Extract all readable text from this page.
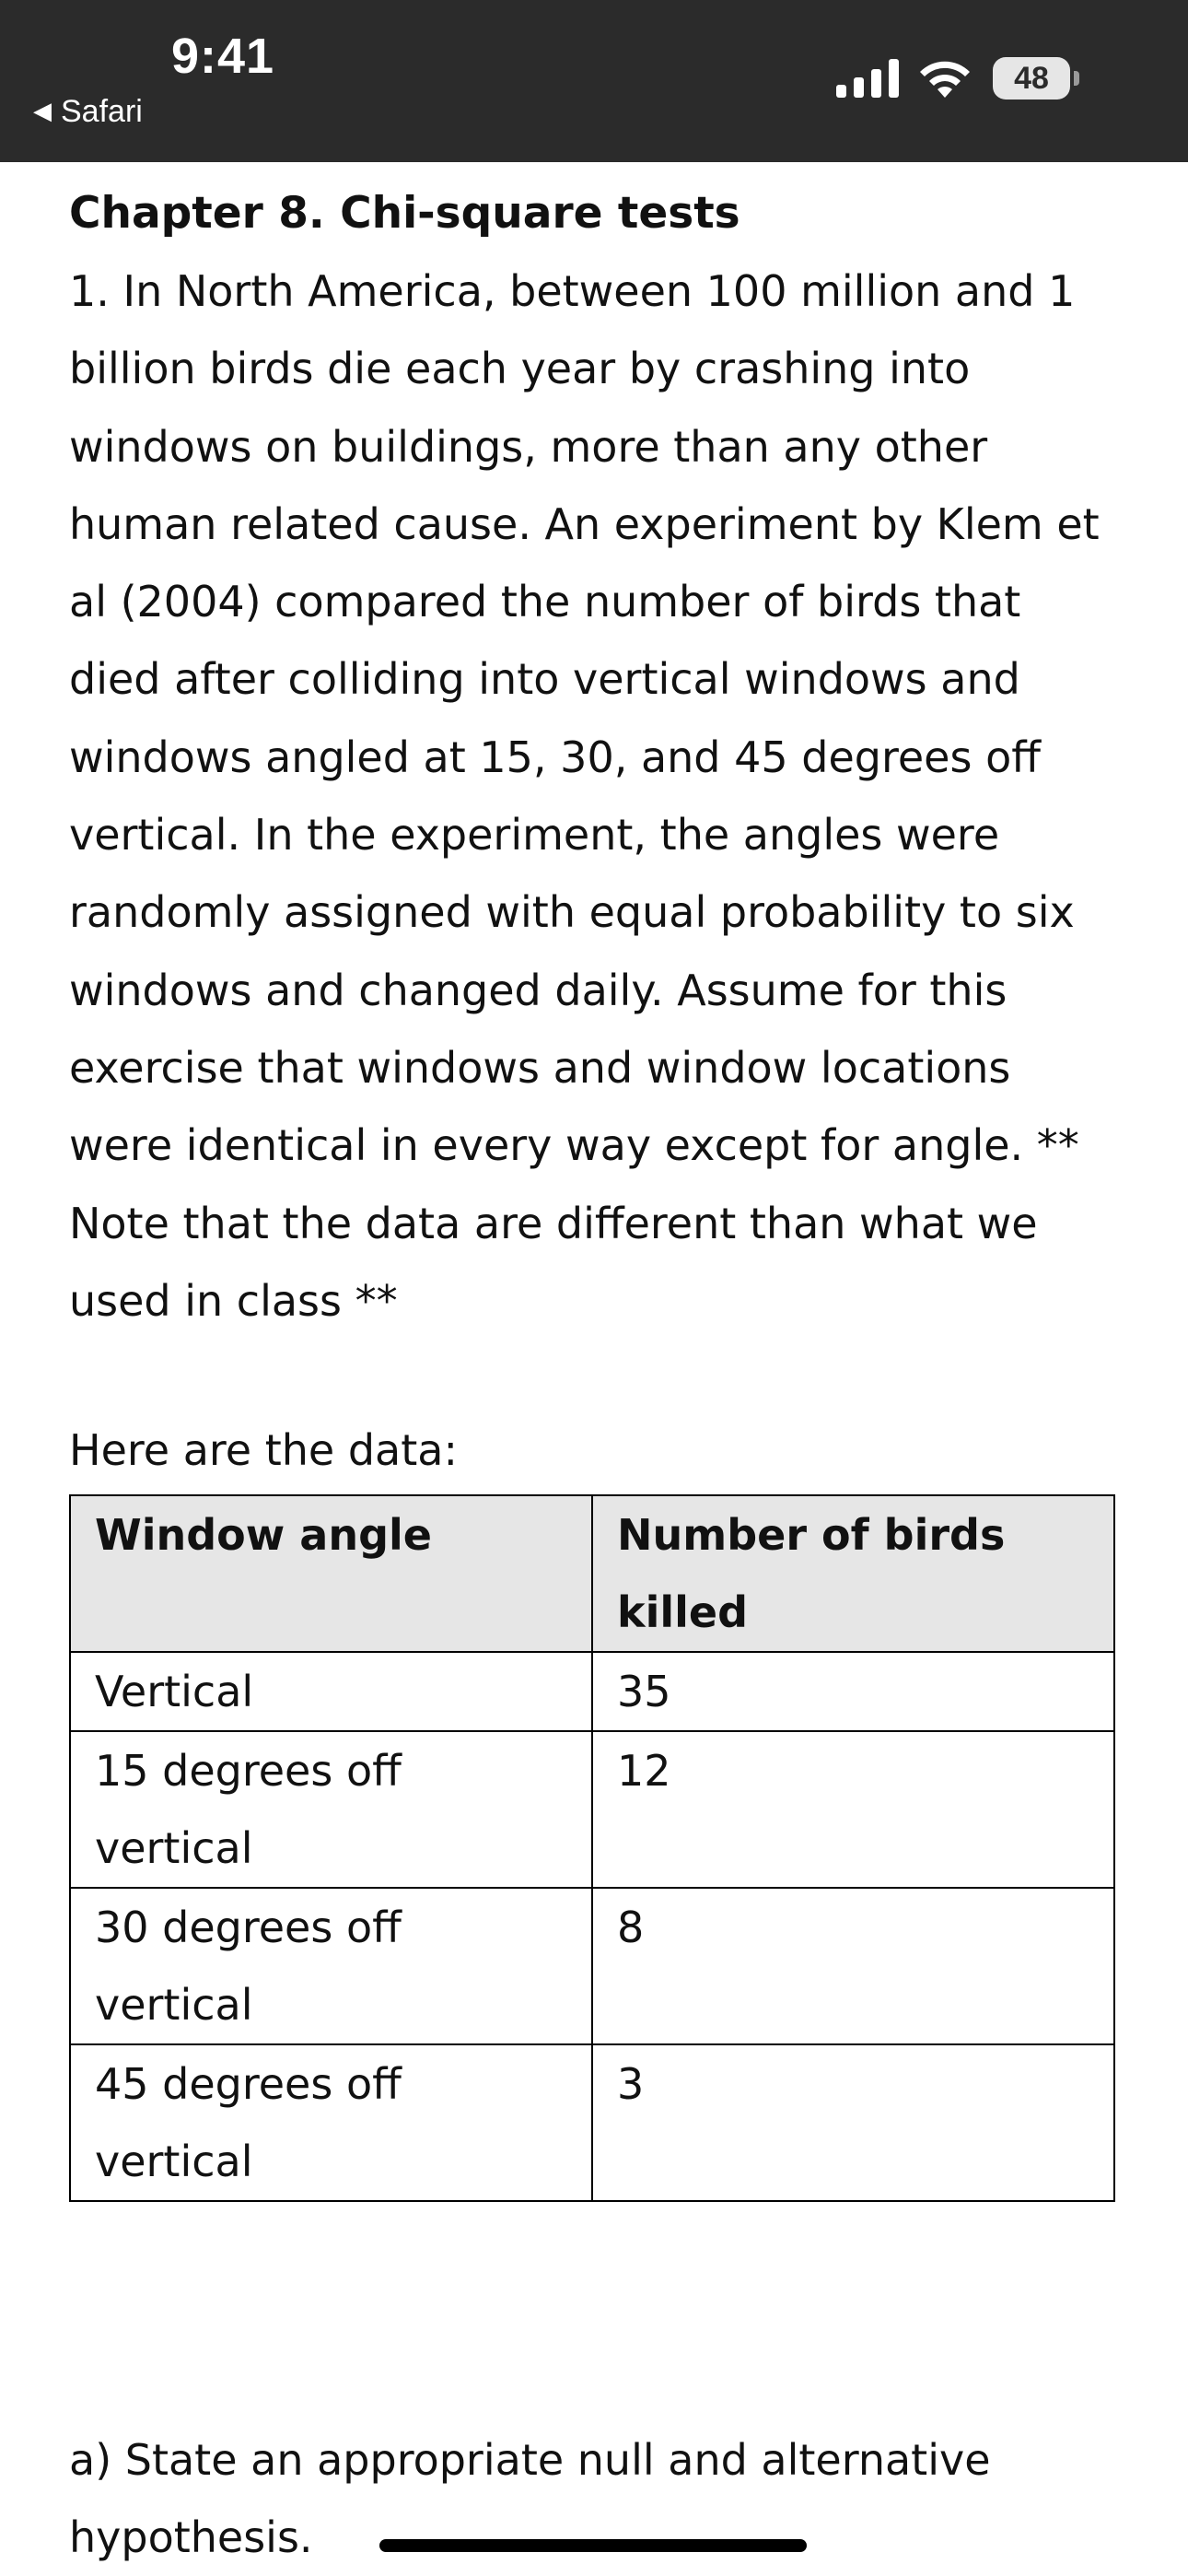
9:41
◀ Safari
48

Chapter 8. Chi-square tests

1. In North America, between 100 million and 1 billion birds die each year by crashing into windows on buildings, more than any other human related cause. An experiment by Klem et al (2004) compared the number of birds that died after colliding into vertical windows and windows angled at 15, 30, and 45 degrees off vertical. In the experiment, the angles were randomly assigned with equal probability to six windows and changed daily. Assume for this exercise that windows and window locations were identical in every way except for angle. ** Note that the data are different than what we used in class **

Here are the data:
Window angle	Number of birds killed
Vertical	35
15 degrees off vertical	12
30 degrees off vertical	8
45 degrees off vertical	3

a) State an appropriate null and alternative hypothesis.
